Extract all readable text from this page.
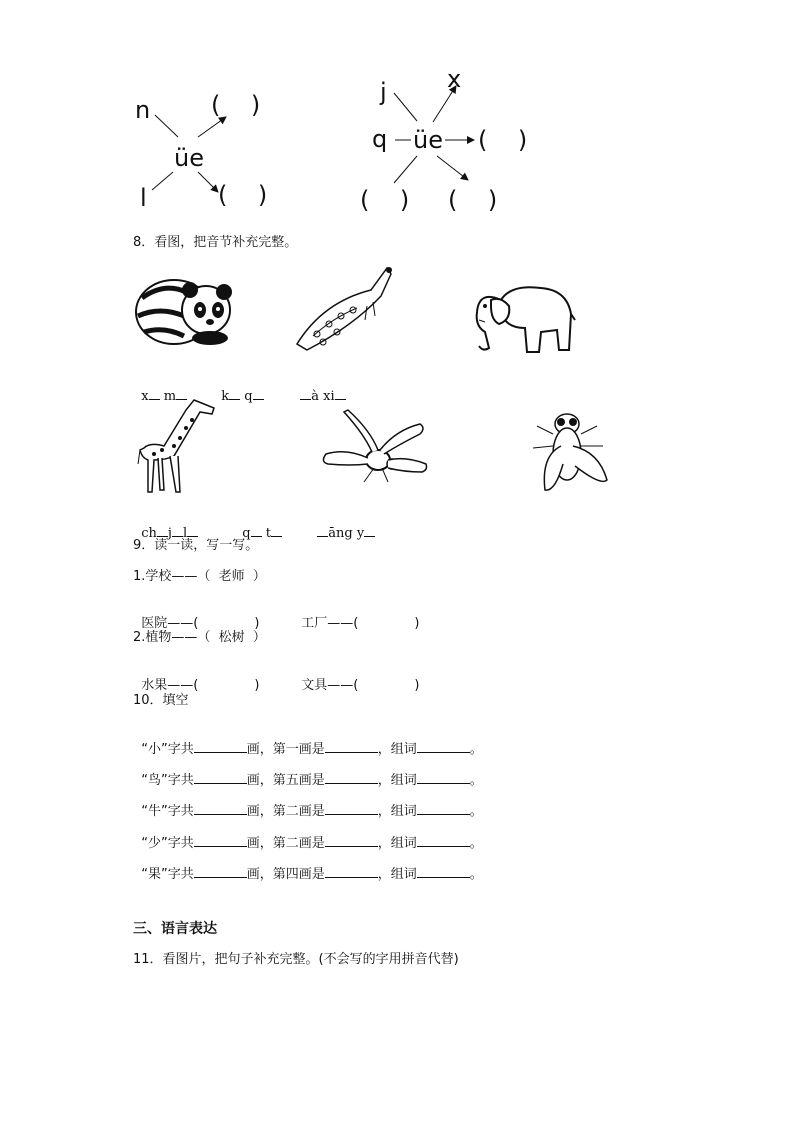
n
l
üe
(    )
(    )
j
q
x
üe (    )
(    ) (    )
8．看图，把音节补充完整。

x m	k q	à xi

ch j l	q t	āng y

9．读一读，写一写。
1.学校——（  老师  ）

医院——(	)	工厂——(	)

2.植物——（  松树  ）

水果——(	)	文具——(	)

10．填空

“小”字共	画，第一画是	，组词	。

“鸟”字共	画，第五画是	，组词	。

“牛”字共	画，第二画是	，组词	。

“少”字共	画，第二画是	，组词	。

“果”字共	画，第四画是	，组词	。

三、语言表达
11．看图片，把句子补充完整。(不会写的字用拼音代替)
